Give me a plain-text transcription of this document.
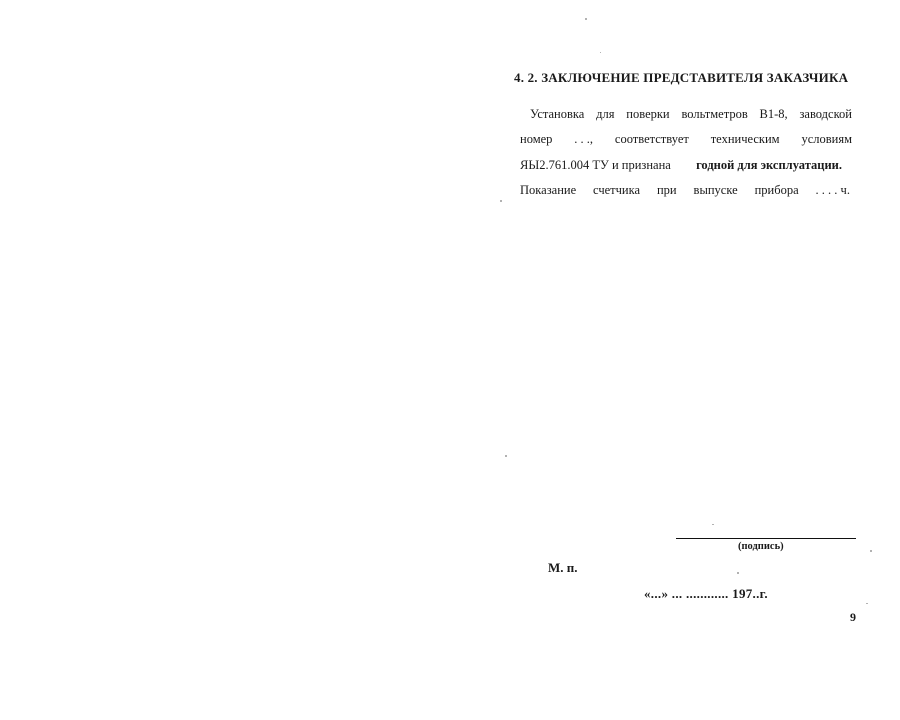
4. 2. ЗАКЛЮЧЕНИЕ ПРЕДСТАВИТЕЛЯ ЗАКАЗЧИКА
Установка для поверки вольтметров В1-8, заводской
номер . . ., соответствует техническим условиям
ЯЫ2.761.004 ТУ и признана годной для эксплуатации.
Показание счетчика при выпуске прибора . . . . ч.
(подпись)
М. п.
«...» ... ............ 197..г.
9
